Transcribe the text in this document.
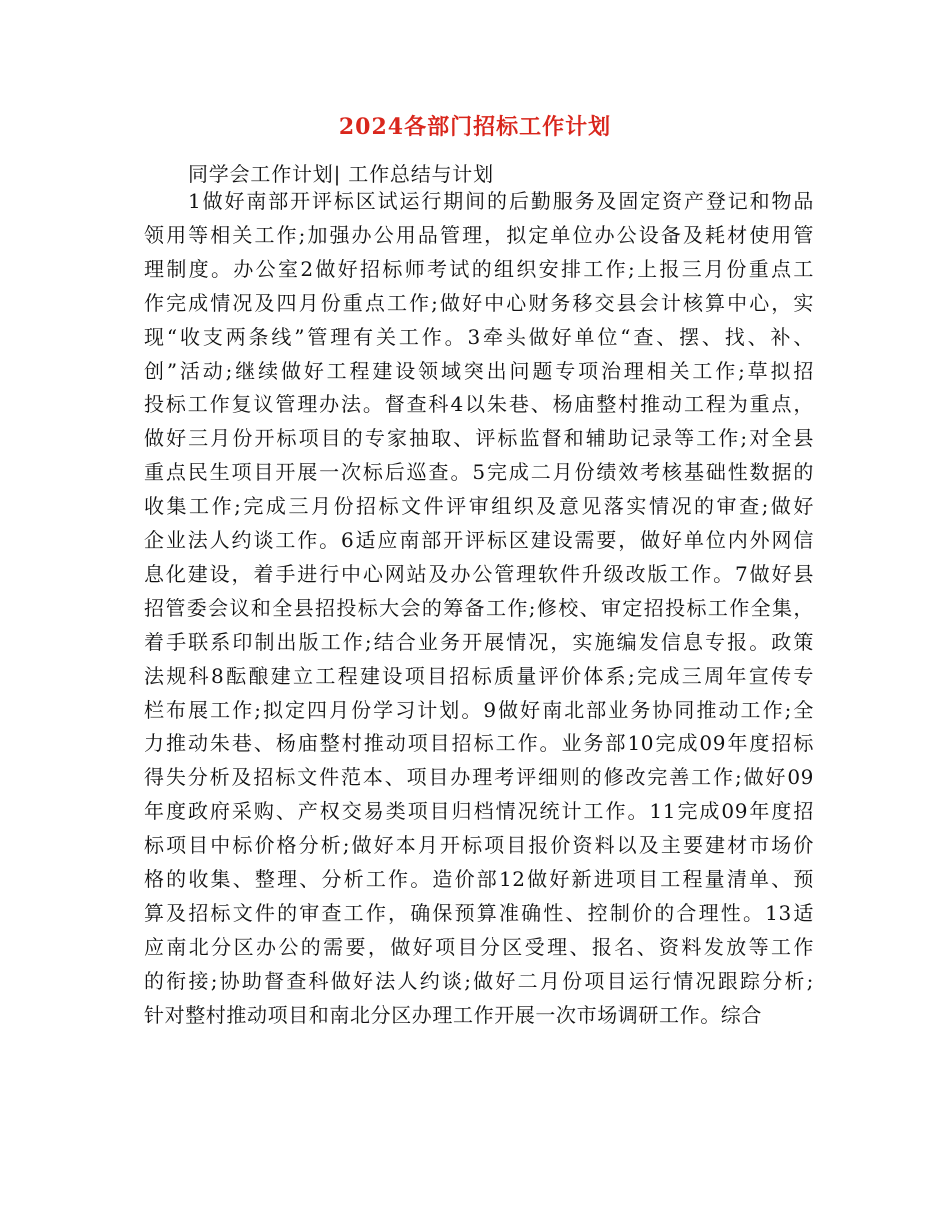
2024各部门招标工作计划
同学会工作计划| 工作总结与计划
1做好南部开评标区试运行期间的后勤服务及固定资产登记和物品
领用等相关工作;加强办公用品管理，拟定单位办公设备及耗材使用管
理制度。办公室2做好招标师考试的组织安排工作;上报三月份重点工
作完成情况及四月份重点工作;做好中心财务移交县会计核算中心，实
现“收支两条线”管理有关工作。3牵头做好单位“查、摆、找、补、
创”活动;继续做好工程建设领域突出问题专项治理相关工作;草拟招
投标工作复议管理办法。督查科4以朱巷、杨庙整村推动工程为重点，
做好三月份开标项目的专家抽取、评标监督和辅助记录等工作;对全县
重点民生项目开展一次标后巡查。5完成二月份绩效考核基础性数据的
收集工作;完成三月份招标文件评审组织及意见落实情况的审查;做好
企业法人约谈工作。6适应南部开评标区建设需要，做好单位内外网信
息化建设，着手进行中心网站及办公管理软件升级改版工作。7做好县
招管委会议和全县招投标大会的筹备工作;修校、审定招投标工作全集，
着手联系印制出版工作;结合业务开展情况，实施编发信息专报。政策
法规科8酝酿建立工程建设项目招标质量评价体系;完成三周年宣传专
栏布展工作;拟定四月份学习计划。9做好南北部业务协同推动工作;全
力推动朱巷、杨庙整村推动项目招标工作。业务部10完成09年度招标
得失分析及招标文件范本、项目办理考评细则的修改完善工作;做好09
年度政府采购、产权交易类项目归档情况统计工作。11完成09年度招
标项目中标价格分析;做好本月开标项目报价资料以及主要建材市场价
格的收集、整理、分析工作。造价部12做好新进项目工程量清单、预
算及招标文件的审查工作，确保预算准确性、控制价的合理性。13适
应南北分区办公的需要，做好项目分区受理、报名、资料发放等工作
的衔接;协助督查科做好法人约谈;做好二月份项目运行情况跟踪分析;
针对整村推动项目和南北分区办理工作开展一次市场调研工作。综合
